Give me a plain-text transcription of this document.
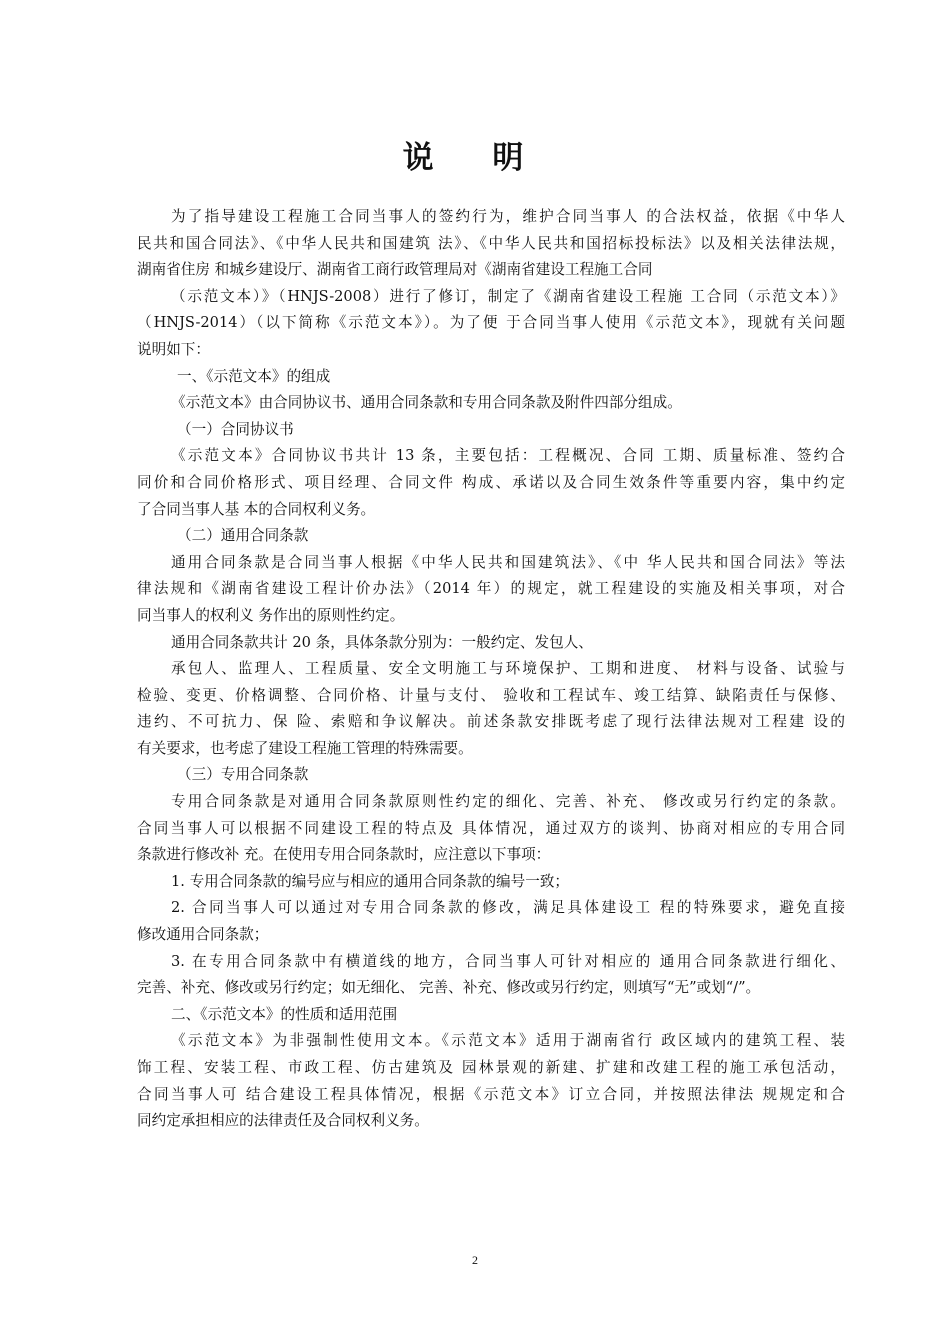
说 明

为了指导建设工程施工合同当事人的签约行为，维护合同当事人 的合法权益，依据《中华人

民共和国合同法》、《中华人民共和国建筑 法》、《中华人民共和国招标投标法》以及相关法律法规，

湖南省住房 和城乡建设厅、湖南省工商行政管理局对《湖南省建设工程施工合同

（示范文本）》（HNJS-2008）进行了修订，制定了《湖南省建设工程施 工合同（示范文本）》

（HNJS-2014）（以下简称《示范文本》）。为了便 于合同当事人使用《示范文本》，现就有关问题

说明如下：

一、《示范文本》的组成

《示范文本》由合同协议书、通用合同条款和专用合同条款及附件四部分组成。

（一）合同协议书

《示范文本》合同协议书共计 13 条，主要包括：工程概况、合同 工期、质量标准、签约合

同价和合同价格形式、项目经理、合同文件 构成、承诺以及合同生效条件等重要内容，集中约定

了合同当事人基 本的合同权利义务。

（二）通用合同条款

通用合同条款是合同当事人根据《中华人民共和国建筑法》、《中 华人民共和国合同法》等法

律法规和《湖南省建设工程计价办法》（2014 年）的规定，就工程建设的实施及相关事项，对合

同当事人的权利义 务作出的原则性约定。

通用合同条款共计 20 条，具体条款分别为：一般约定、发包人、

承包人、监理人、工程质量、安全文明施工与环境保护、工期和进度、 材料与设备、试验与

检验、变更、价格调整、合同价格、计量与支付、 验收和工程试车、竣工结算、缺陷责任与保修、

违约、不可抗力、保 险、索赔和争议解决。前述条款安排既考虑了现行法律法规对工程建 设的

有关要求，也考虑了建设工程施工管理的特殊需要。

（三）专用合同条款

专用合同条款是对通用合同条款原则性约定的细化、完善、补充、 修改或另行约定的条款。

合同当事人可以根据不同建设工程的特点及 具体情况，通过双方的谈判、协商对相应的专用合同

条款进行修改补 充。在使用专用合同条款时，应注意以下事项：

1. 专用合同条款的编号应与相应的通用合同条款的编号一致；

2. 合同当事人可以通过对专用合同条款的修改，满足具体建设工 程的特殊要求，避免直接

修改通用合同条款；

3. 在专用合同条款中有横道线的地方，合同当事人可针对相应的 通用合同条款进行细化、

完善、补充、修改或另行约定；如无细化、 完善、补充、修改或另行约定，则填写“无”或划“/”。

二、《示范文本》的性质和适用范围

《示范文本》为非强制性使用文本。《示范文本》适用于湖南省行 政区域内的建筑工程、装

饰工程、安装工程、市政工程、仿古建筑及 园林景观的新建、扩建和改建工程的施工承包活动，

合同当事人可 结合建设工程具体情况，根据《示范文本》订立合同，并按照法律法 规规定和合

同约定承担相应的法律责任及合同权利义务。

2
